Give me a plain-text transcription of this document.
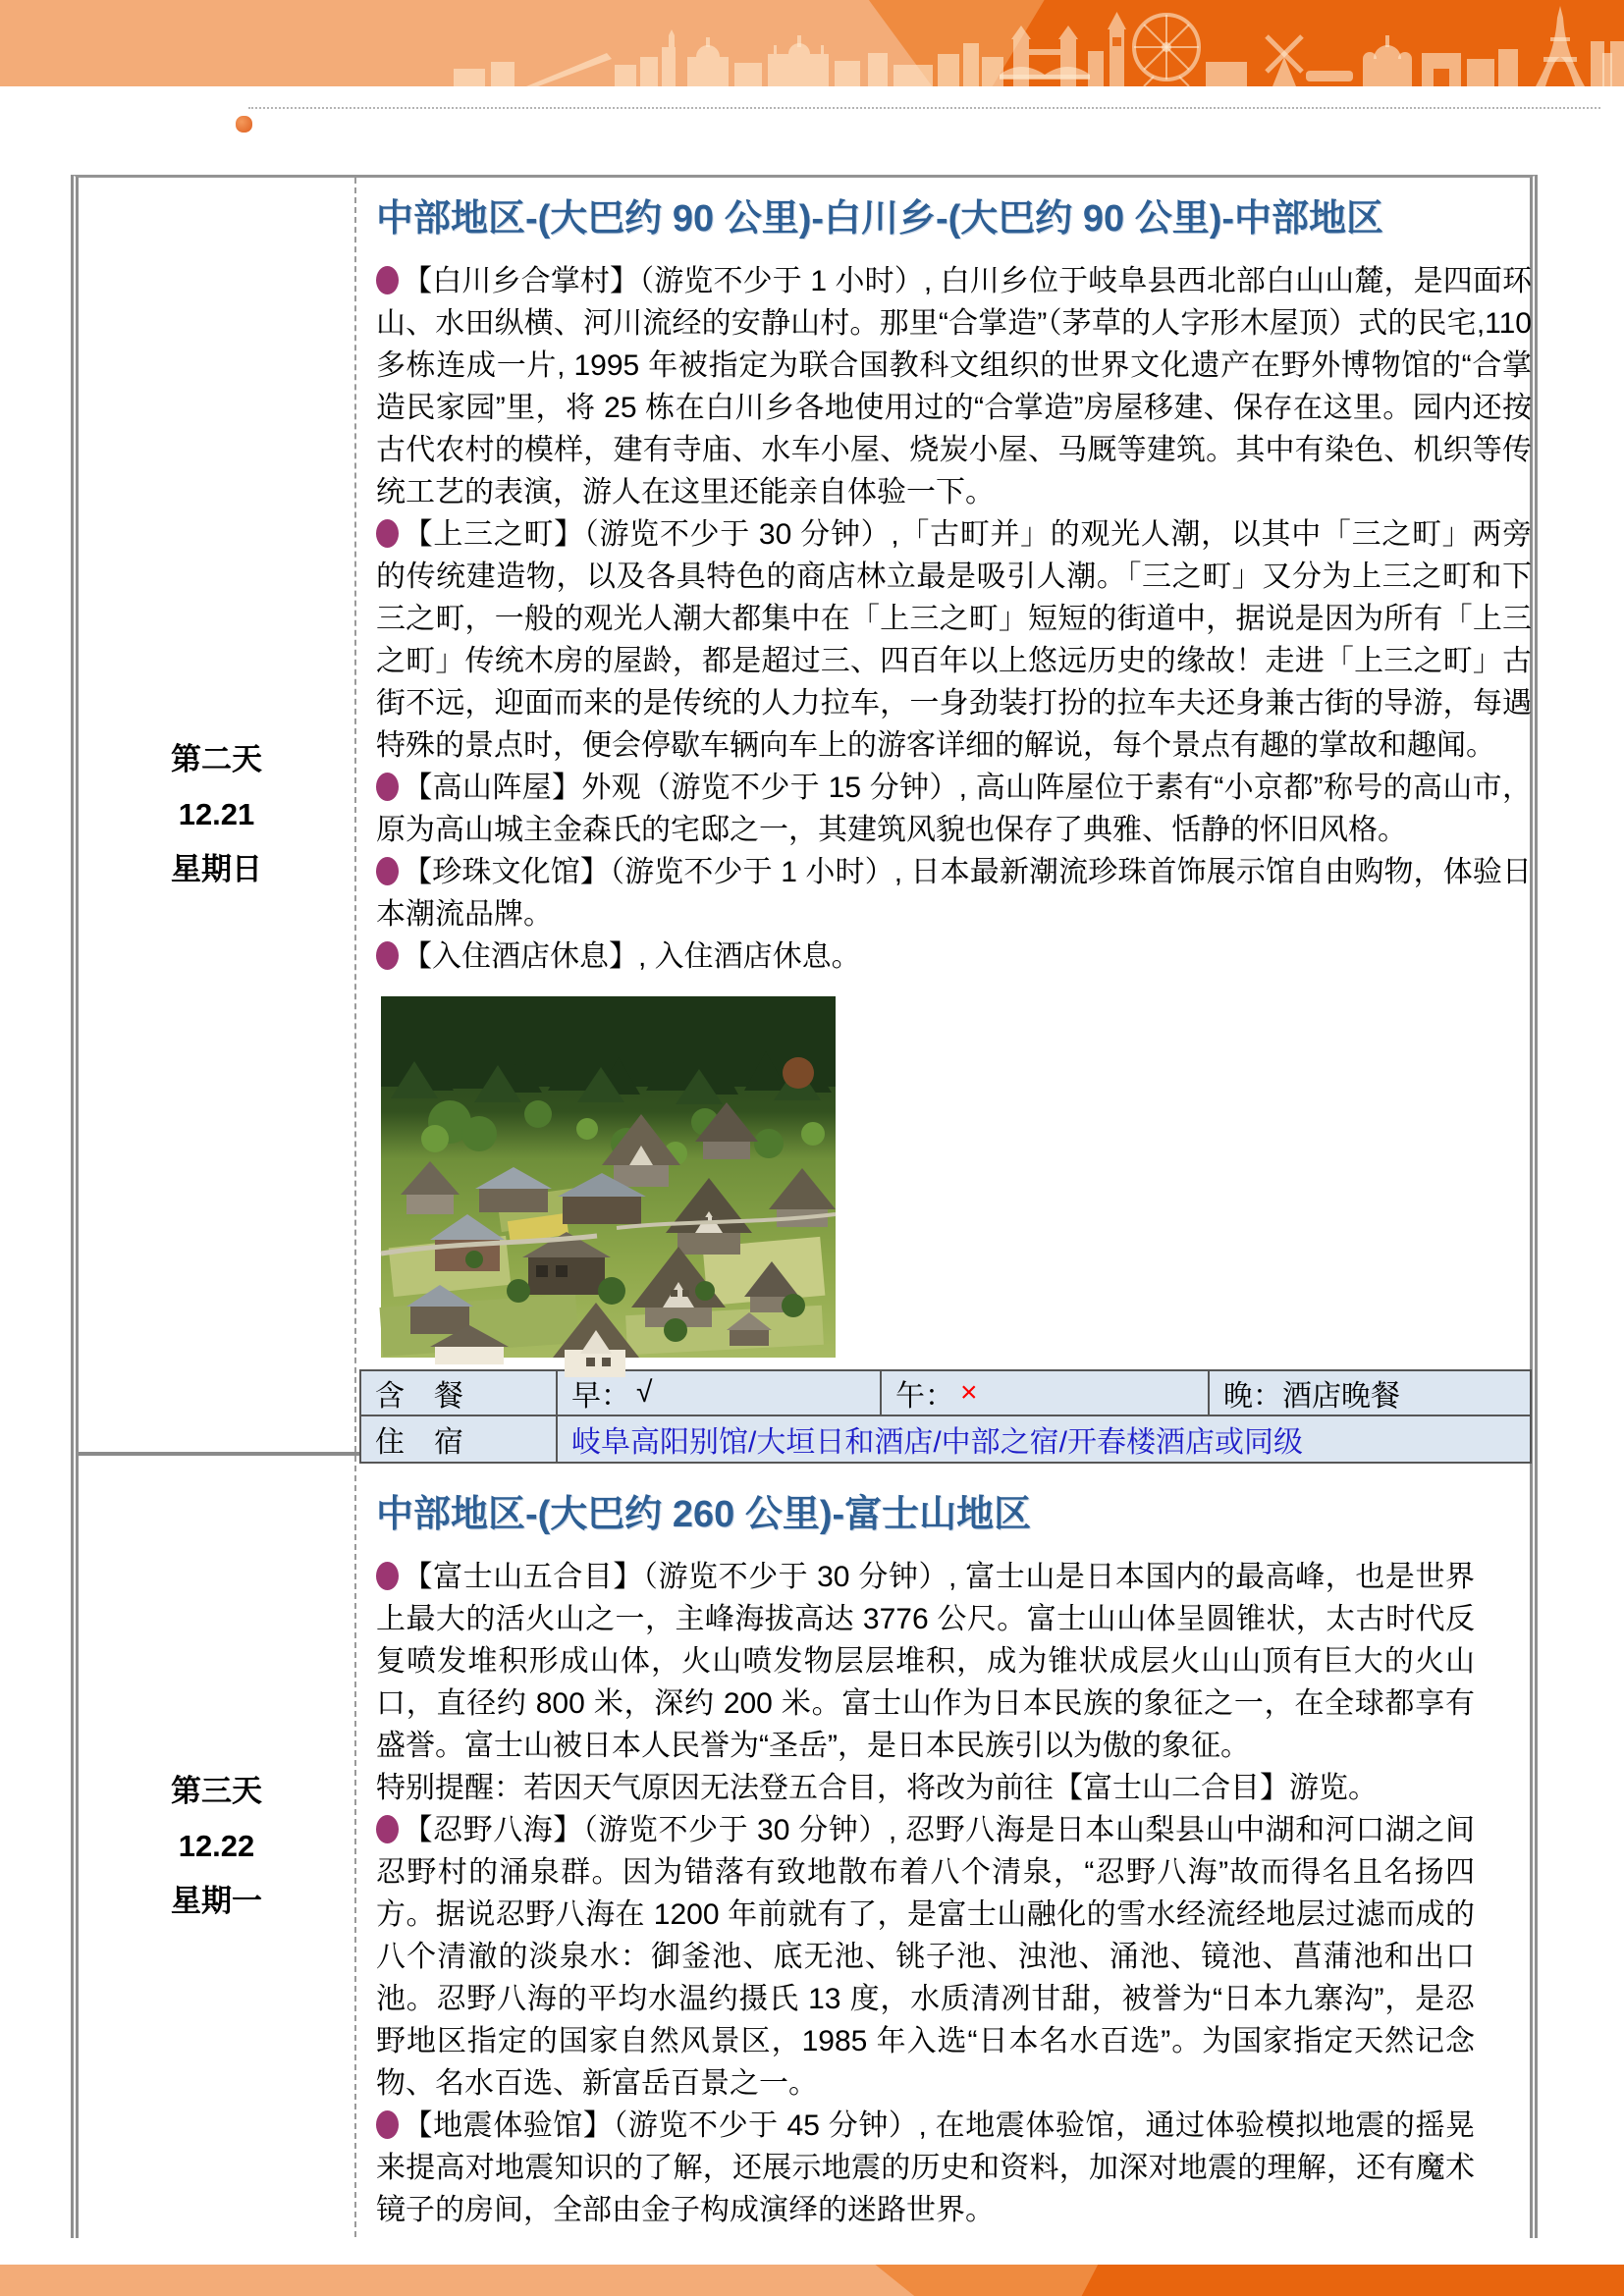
第二天
12.21
星期日
中部地区-(大巴约 90 公里)-白川乡-(大巴约 90 公里)-中部地区

【白川乡合掌村】（游览不少于 1 小时）, 白川乡位于岐阜县西北部白山山麓，是四面环山、水田纵横、河川流经的安静山村。那里“合掌造”（茅草的人字形木屋顶）式的民宅,110 多栋连成一片, 1995 年被指定为联合国教科文组织的世界文化遗产在野外博物馆的“合掌造民家园”里，将 25 栋在白川乡各地使用过的“合掌造”房屋移建、保存在这里。园内还按古代农村的模样，建有寺庙、水车小屋、烧炭小屋、马厩等建筑。其中有染色、机织等传统工艺的表演，游人在这里还能亲自体验一下。

【上三之町】（游览不少于 30 分钟）,「古町并」的观光人潮，以其中「三之町」两旁的传统建造物，以及各具特色的商店林立最是吸引人潮。「三之町」又分为上三之町和下三之町，一般的观光人潮大都集中在「上三之町」短短的街道中，据说是因为所有「上三之町」传统木房的屋龄，都是超过三、四百年以上悠远历史的缘故！走进「上三之町」古街不远，迎面而来的是传统的人力拉车，一身劲装打扮的拉车夫还身兼古街的导游，每遇特殊的景点时，便会停歇车辆向车上的游客详细的解说，每个景点有趣的掌故和趣闻。

【高山阵屋】外观（游览不少于 15 分钟）, 高山阵屋位于素有“小京都”称号的高山市，原为高山城主金森氏的宅邸之一，其建筑风貌也保存了典雅、恬静的怀旧风格。

【珍珠文化馆】（游览不少于 1 小时）, 日本最新潮流珍珠首饰展示馆自由购物，体验日本潮流品牌。

【入住酒店休息】, 入住酒店休息。

含　餐	早： √	午： ×	晚： 酒店晚餐
住　宿	岐阜高阳别馆/大垣日和酒店/中部之宿/开春楼酒店或同级
第三天
12.22
星期一
中部地区-(大巴约 260 公里)-富士山地区

【富士山五合目】（游览不少于 30 分钟）, 富士山是日本国内的最高峰，也是世界上最大的活火山之一，主峰海拔高达 3776 公尺。富士山山体呈圆锥状，太古时代反复喷发堆积形成山体，火山喷发物层层堆积，成为锥状成层火山山顶有巨大的火山口，直径约 800 米，深约 200 米。富士山作为日本民族的象征之一，在全球都享有盛誉。富士山被日本人民誉为“圣岳”，是日本民族引以为傲的象征。

特别提醒：若因天气原因无法登五合目，将改为前往【富士山二合目】游览。

【忍野八海】（游览不少于 30 分钟）, 忍野八海是日本山梨县山中湖和河口湖之间忍野村的涌泉群。因为错落有致地散布着八个清泉，“忍野八海”故而得名且名扬四方。据说忍野八海在 1200 年前就有了，是富士山融化的雪水经流经地层过滤而成的八个清澈的淡泉水：御釜池、底无池、铫子池、浊池、涌池、镜池、菖蒲池和出口池。忍野八海的平均水温约摄氏 13 度，水质清冽甘甜，被誉为“日本九寨沟”，是忍野地区指定的国家自然风景区，1985 年入选“日本名水百选”。为国家指定天然记念物、名水百选、新富岳百景之一。

【地震体验馆】（游览不少于 45 分钟）, 在地震体验馆，通过体验模拟地震的摇晃来提高对地震知识的了解，还展示地震的历史和资料，加深对地震的理解，还有魔术镜子的房间，全部由金子构成演绎的迷路世界。
